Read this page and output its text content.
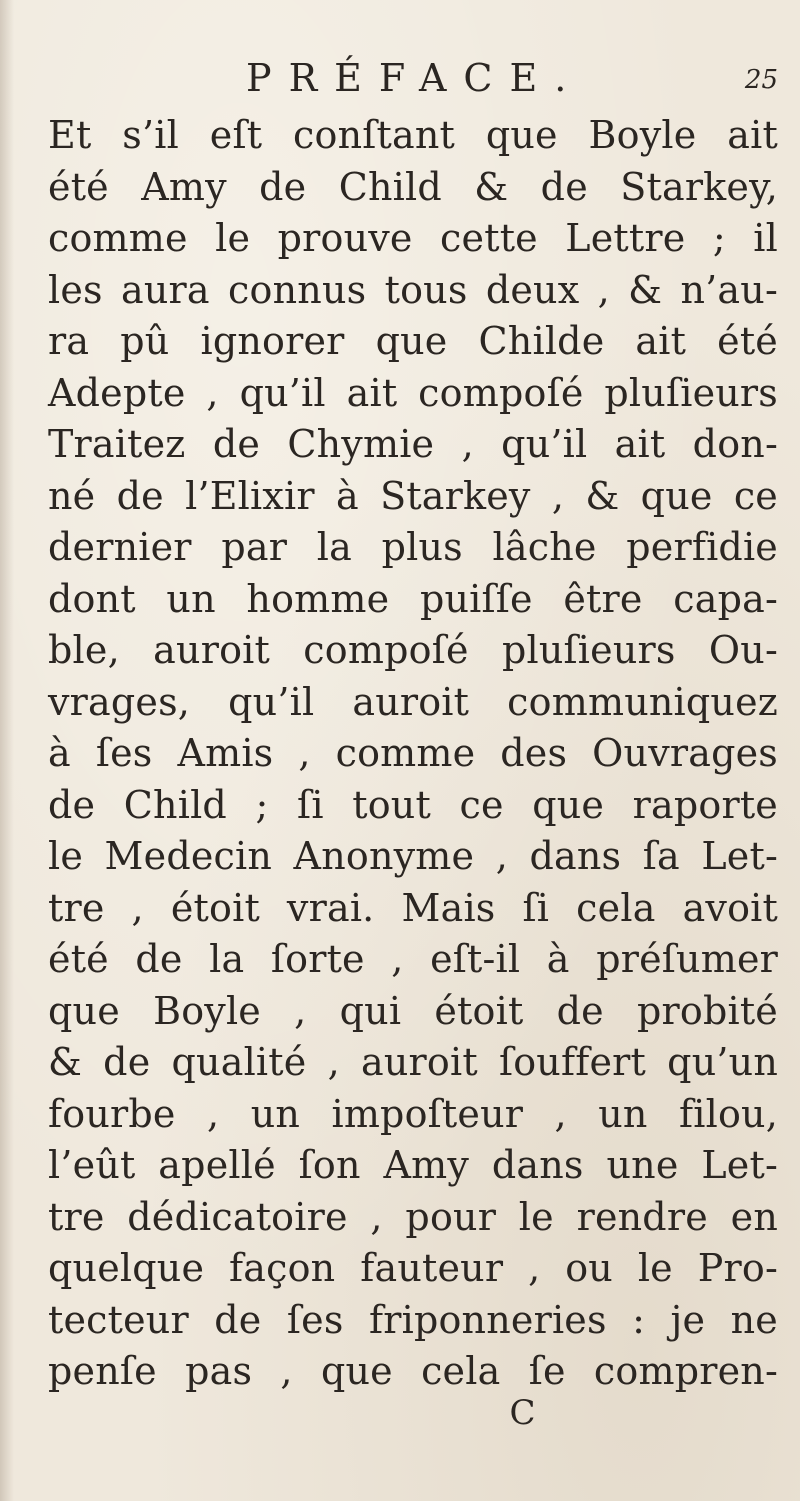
PRÉFACE.	25
Et s’il eſt conſtant que Boyle ait
été Amy de Child & de Starkey,
comme le prouve cette Lettre ; il
les aura connus tous deux , & n’au-
ra pû ignorer que Childe ait été
Adepte , qu’il ait compoſé pluſieurs
Traitez de Chymie , qu’il ait don-
né de l’Elixir à Starkey , & que ce
dernier par la plus lâche perfidie
dont un homme puiſſe être capa-
ble, auroit compoſé pluſieurs Ou-
vrages, qu’il auroit communiquez
à ſes Amis , comme des Ouvrages
de Child ; ſi tout ce que raporte
le Medecin Anonyme , dans ſa Let-
tre , étoit vrai. Mais ſi cela avoit
été de la ſorte , eſt-il à préſumer
que Boyle , qui étoit de probité
& de qualité , auroit ſouffert qu’un
fourbe , un impoſteur , un filou,
l’eût apellé ſon Amy dans une Let-
tre dédicatoire , pour le rendre en
quelque façon fauteur , ou le Pro-
tecteur de ſes friponneries : je ne
penſe pas , que cela ſe compren-
C
